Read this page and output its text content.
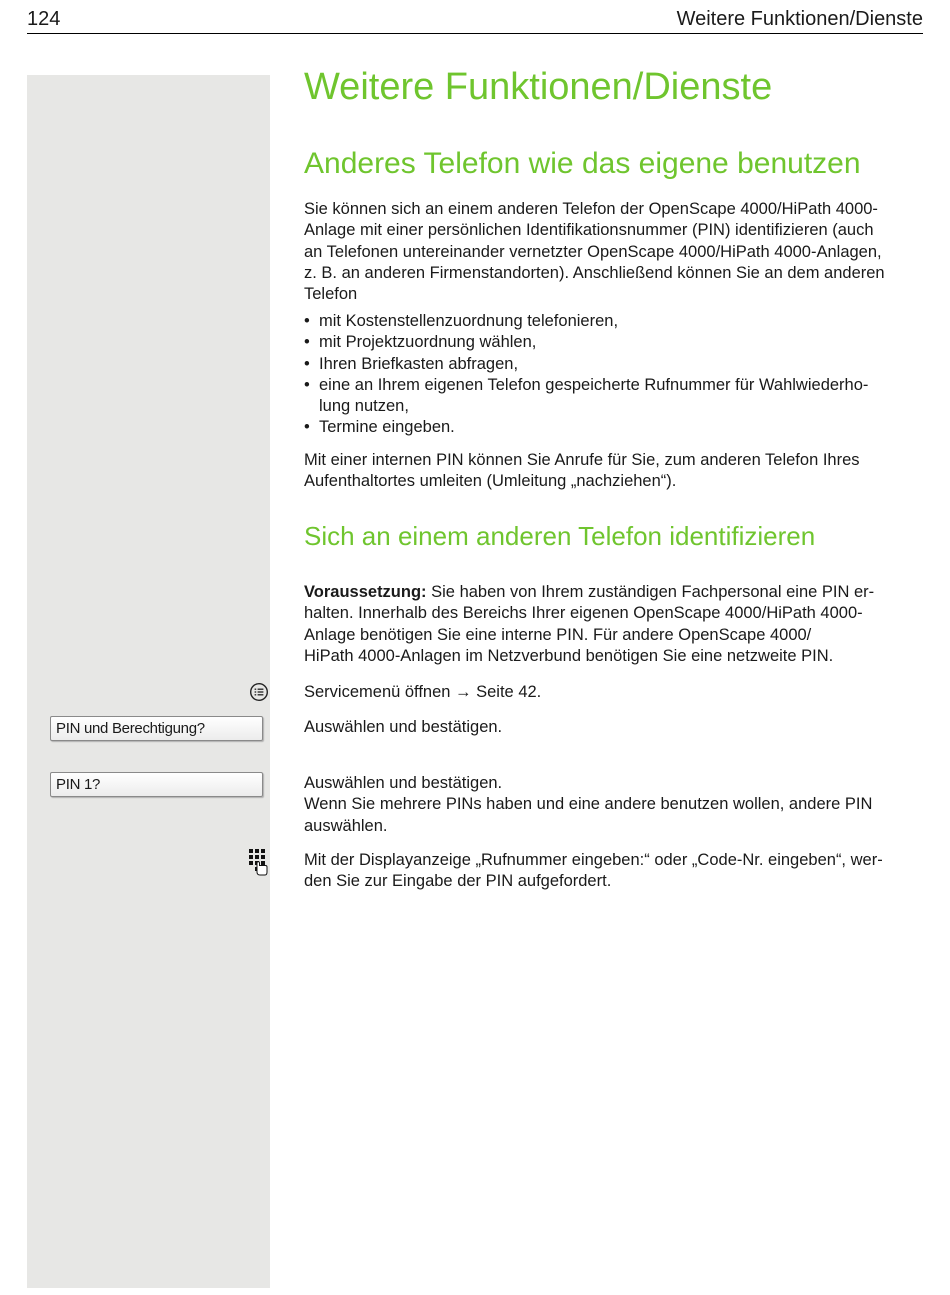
124	Weitere Funktionen/Dienste
Weitere Funktionen/Dienste
Anderes Telefon wie das eigene benutzen
Sie können sich an einem anderen Telefon der OpenScape 4000/HiPath 4000-
Anlage mit einer persönlichen Identifikationsnummer (PIN) identifizieren (auch
an Telefonen untereinander vernetzter OpenScape 4000/HiPath 4000-Anlagen,
z. B. an anderen Firmenstandorten). Anschließend können Sie an dem anderen
Telefon
• mit Kostenstellenzuordnung telefonieren,
• mit Projektzuordnung wählen,
• Ihren Briefkasten abfragen,
• eine an Ihrem eigenen Telefon gespeicherte Rufnummer für Wahlwiederho-
lung nutzen,
• Termine eingeben.
Mit einer internen PIN können Sie Anrufe für Sie, zum anderen Telefon Ihres
Aufenthaltortes umleiten (Umleitung „nachziehen“).
Sich an einem anderen Telefon identifizieren
Voraussetzung: Sie haben von Ihrem zuständigen Fachpersonal eine PIN er-
halten. Innerhalb des Bereichs Ihrer eigenen OpenScape 4000/HiPath 4000-
Anlage benötigen Sie eine interne PIN. Für andere OpenScape 4000/
HiPath 4000-Anlagen im Netzverbund benötigen Sie eine netzweite PIN.
Servicemenü öffnen → Seite 42.
PIN und Berechtigung?	Auswählen und bestätigen.
PIN 1?	Auswählen und bestätigen.
Wenn Sie mehrere PINs haben und eine andere benutzen wollen, andere PIN
auswählen.
Mit der Displayanzeige „Rufnummer eingeben:“ oder „Code-Nr. eingeben“, wer-
den Sie zur Eingabe der PIN aufgefordert.
